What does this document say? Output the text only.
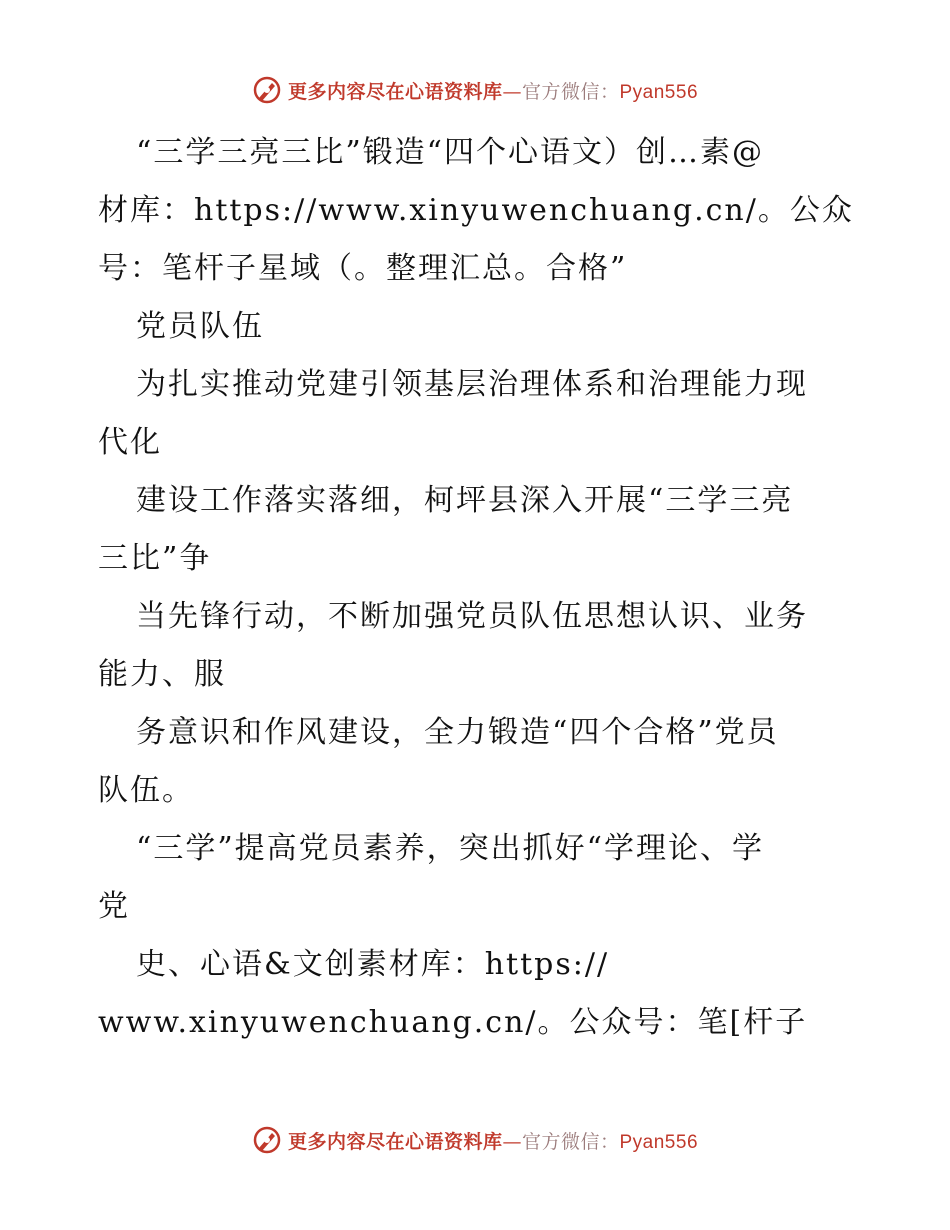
更多内容尽在心语资料库—官方微信：Pyan556
“三学三亮三比”锻造“四个心语文）创…素@
材库：https://www.xinyuwenchuang.cn/。公众
号：笔杆子星域（。整理汇总。合格”
党员队伍
为扎实推动党建引领基层治理体系和治理能力现
代化
建设工作落实落细，柯坪县深入开展“三学三亮
三比”争
当先锋行动，不断加强党员队伍思想认识、业务
能力、服
务意识和作风建设，全力锻造“四个合格”党员
队伍。
“三学”提高党员素养，突出抓好“学理论、学
党
史、心语&文创素材库：https://
www.xinyuwenchuang.cn/。公众号：笔[杆子
更多内容尽在心语资料库—官方微信：Pyan556
